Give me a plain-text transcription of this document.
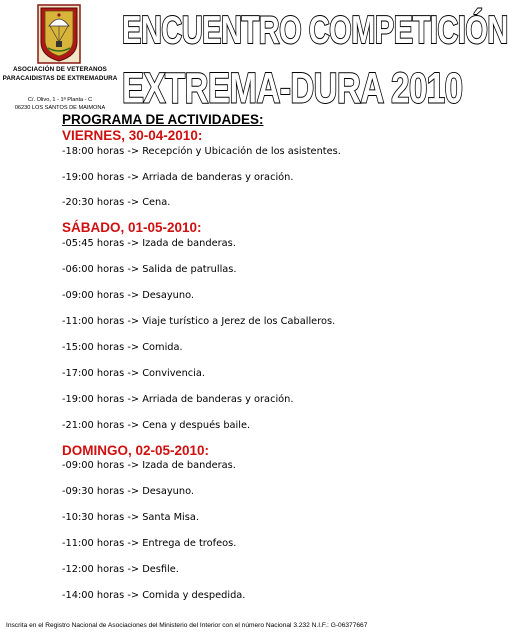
ASOCIACIÓN DE VETERANOS
PARACAIDISTAS DE EXTREMADURA
C/. Olivo, 1 - 1ª Planta - C
06230 LOS SANTOS DE MAIMONA
ENCUENTRO COMPETICIÓN
EXTREMA-DURA 2010
PROGRAMA DE ACTIVIDADES:
VIERNES, 30-04-2010:
-18:00 horas -> Recepción y Ubicación de los asistentes.
-19:00 horas -> Arriada de banderas y oración.
-20:30 horas -> Cena.
SÁBADO, 01-05-2010:
-05:45 horas -> Izada de banderas.
-06:00 horas -> Salida de patrullas.
-09:00 horas -> Desayuno.
-11:00 horas -> Viaje turístico a Jerez de los Caballeros.
-15:00 horas -> Comida.
-17:00 horas -> Convivencia.
-19:00 horas -> Arriada de banderas y oración.
-21:00 horas -> Cena y después baile.
DOMINGO, 02-05-2010:
-09:00 horas -> Izada de banderas.
-09:30 horas -> Desayuno.
-10:30 horas -> Santa Misa.
-11:00 horas -> Entrega de trofeos.
-12:00 horas -> Desfile.
-14:00 horas -> Comida y despedida.
Inscrita en el Registro Nacional de Asociaciones del Ministerio del Interior con el número Nacional 3.232 N.I.F.: G-06377667
